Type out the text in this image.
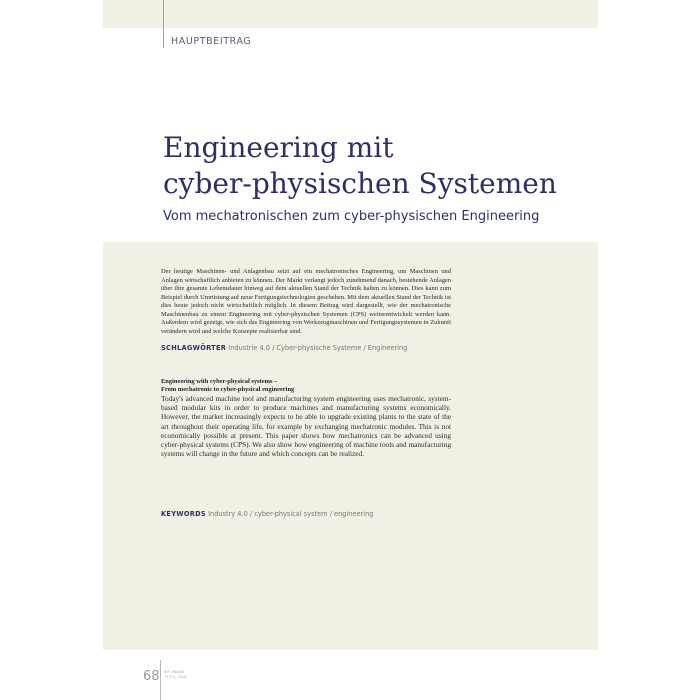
HAUPTBEITRAG
Engineering mit
cyber-physischen Systemen
Vom mechatronischen zum cyber-physischen Engineering

Der heutige Maschinen- und Anlagenbau setzt auf ein mechatronisches Engineering, um Maschinen und Anlagen wirtschaftlich anbieten zu können. Der Markt verlangt jedoch zunehmend danach, bestehende Anlagen über ihre gesamte Lebensdauer hinweg auf dem aktuellen Stand der Technik halten zu können. Dies kann zum Beispiel durch Umrüstung auf neue Fertigungstechnologien geschehen. Mit dem aktuellen Stand der Technik ist dies heute jedoch nicht wirtschaftlich möglich. In diesem Beitrag wird dargestellt, wie der mechatronische Maschinenbau zu einem Engineering mit cyber-physischen Systemen (CPS) weiterentwickelt werden kann. Außerdem wird gezeigt, wie sich das Engineering von Werkzeugmaschinen und Fertigungssystemen in Zukunft verändern wird und welche Konzepte realisierbar sind.

SCHLAGWÖRTER Industrie 4.0 / Cyber-physische Systeme / Engineering

Engineering with cyber-physical systems –
From mechatronic to cyber-physical engineering

Today's advanced machine tool and manufacturing system engineering uses mechatronic, system-based modular kits in order to produce machines and manufacturing systems economically. However, the market increasingly expects to be able to upgrade existing plants to the state of the art throughout their operating life, for example by exchanging mechatronic modules. This is not economically possible at present. This paper shows how mechatronics can be advanced using cyber-physical systems (CPS). We also show how engineering of machine tools and manufacturing systems will change in the future and which concepts can be realized.

KEYWORDS Industry 4.0 / cyber-physical system / engineering
68 WT ONLINE
11/12 | 2016
